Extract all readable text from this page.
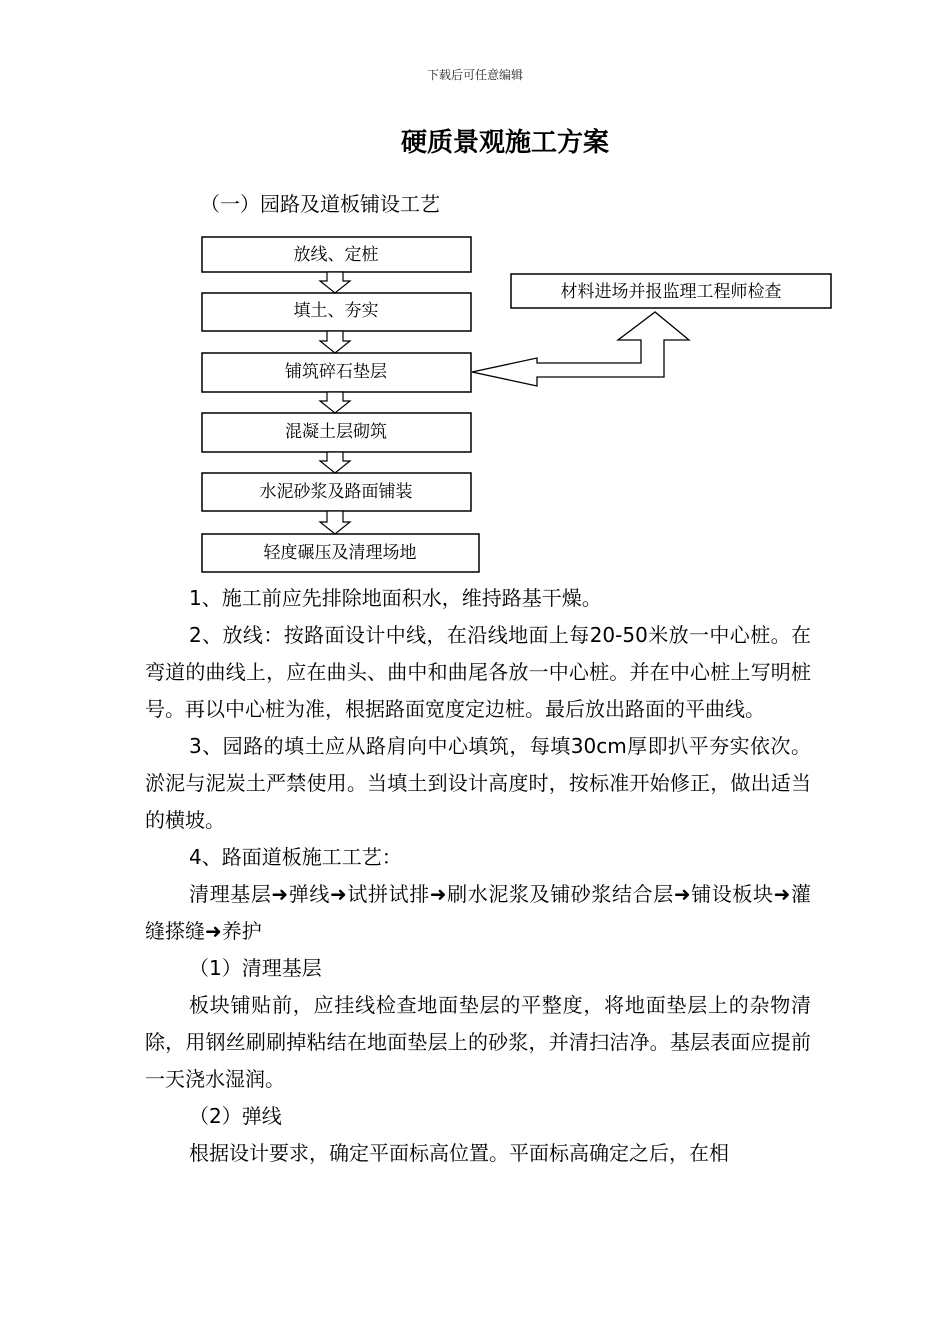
下载后可任意编辑
硬质景观施工方案
（一）园路及道板铺设工艺
放线、定桩
填土、夯实
铺筑碎石垫层
混凝土层砌筑
水泥砂浆及路面铺装
轻度碾压及清理场地
材料进场并报监理工程师检查

1、施工前应先排除地面积水，维持路基干燥。

2、放线：按路面设计中线，在沿线地面上每20-50米放一中心桩。在弯道的曲线上，应在曲头、曲中和曲尾各放一中心桩。并在中心桩上写明桩号。再以中心桩为准，根据路面宽度定边桩。最后放出路面的平曲线。

3、园路的填土应从路肩向中心填筑，每填30cm厚即扒平夯实依次。淤泥与泥炭土严禁使用。当填土到设计高度时，按标准开始修正，做出适当的横坡。

4、路面道板施工工艺：

清理基层➜弹线➜试拼试排➜刷水泥浆及铺砂浆结合层➜铺设板块➜灌缝搽缝➜养护

（1）清理基层

板块铺贴前，应挂线检查地面垫层的平整度，将地面垫层上的杂物清除，用钢丝刷刷掉粘结在地面垫层上的砂浆，并清扫洁净。基层表面应提前一天浇水湿润。

（2）弹线

根据设计要求，确定平面标高位置。平面标高确定之后，在相
